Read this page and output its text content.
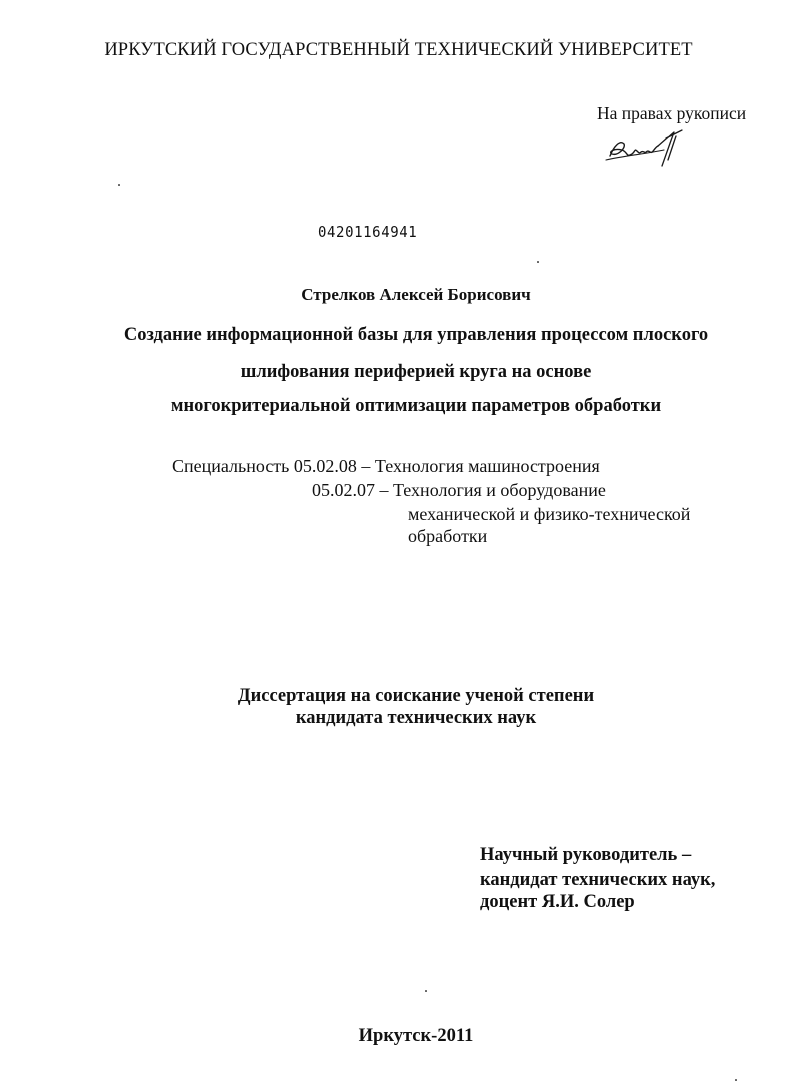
ИРКУТСКИЙ ГОСУДАРСТВЕННЫЙ ТЕХНИЧЕСКИЙ УНИВЕРСИТЕТ
На правах рукописи
04201164941
Стрелков Алексей Борисович
Создание информационной базы для управления процессом плоского
шлифования периферией круга на основе
многокритериальной оптимизации параметров обработки
Специальность 05.02.08 – Технология машиностроения
05.02.07 – Технология и оборудование
механической и физико-технической
обработки
Диссертация на соискание ученой степени
кандидата технических наук
Научный руководитель –
кандидат технических наук,
доцент Я.И. Солер
Иркутск-2011
